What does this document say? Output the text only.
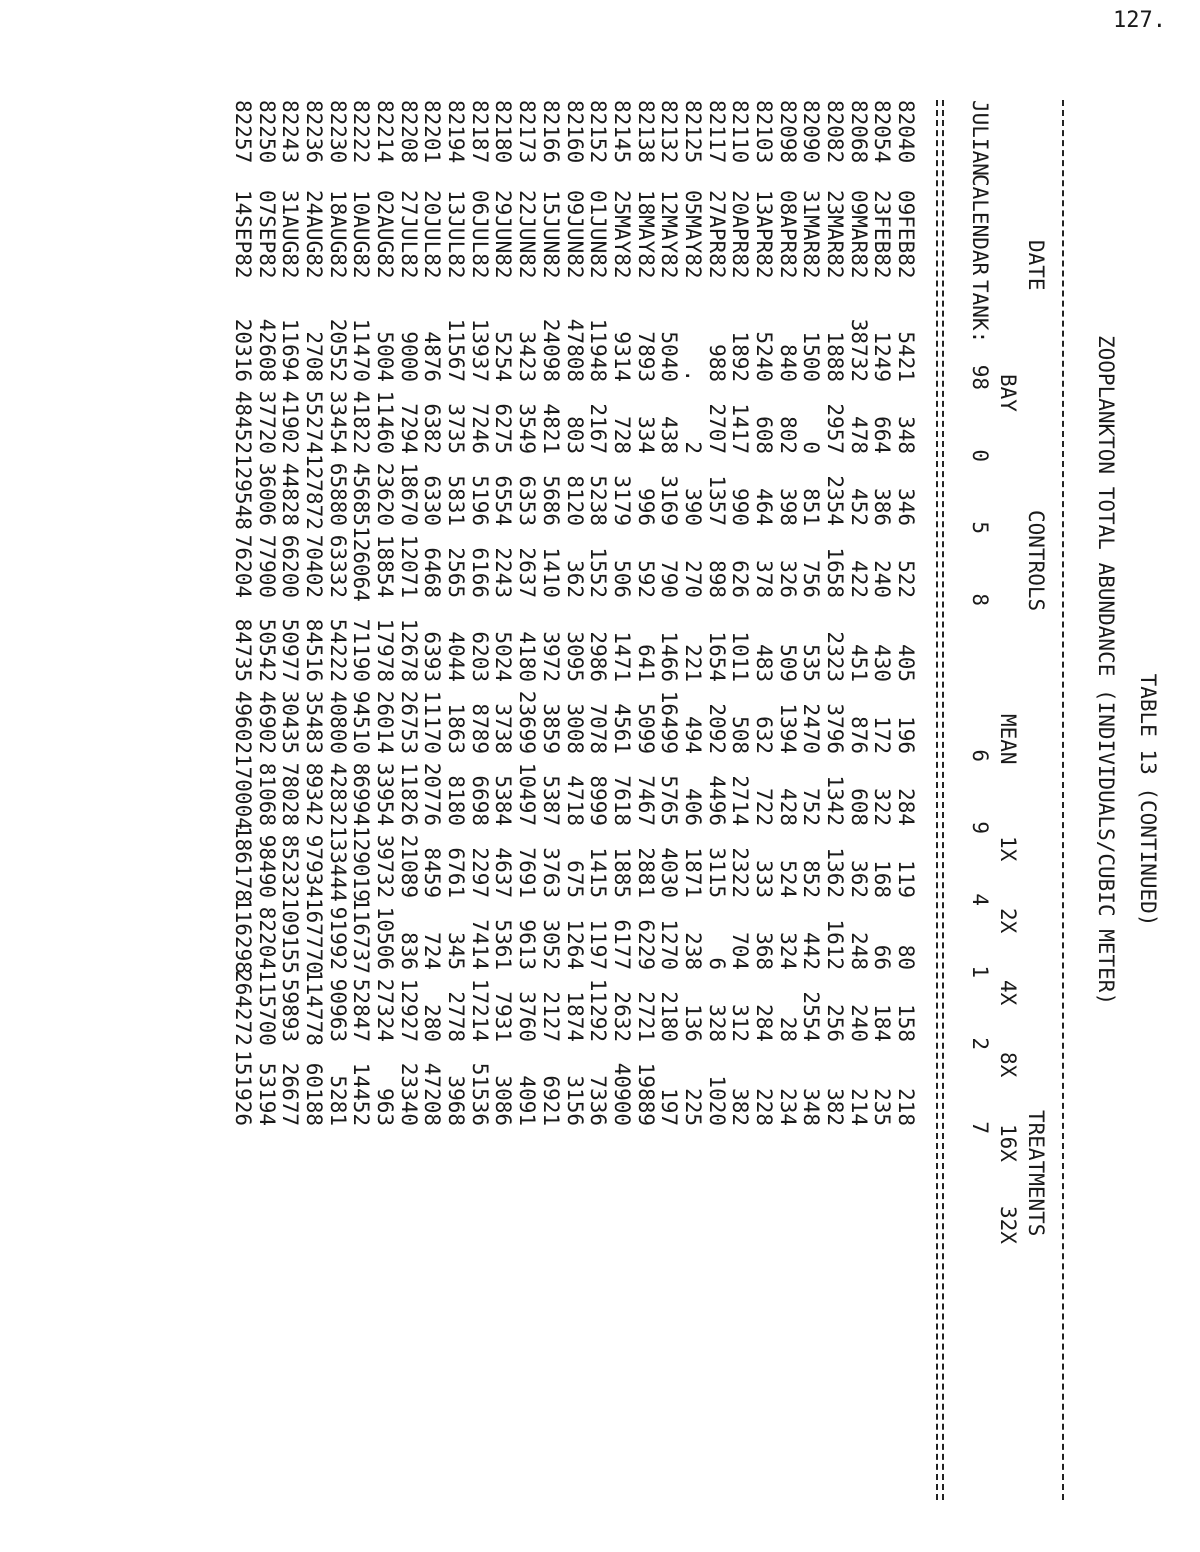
127.
TABLE 13 (CONTINUED)
ZOOPLANKTON TOTAL ABUNDANCE (INDIVIDUALS/CUBIC METER)
DATE
CONTROLS
TREATMENTS
BAY
MEAN
1X
2X
4X
8X
16X
32X
JULIAN
CALENDAR
TANK:
98
0
5
8
6
9
4
1
2
7
82040
09FEB82
5421
348
346
522
405
196
284
119
80
158
218
82054
23FEB82
1249
664
386
240
430
172
322
168
66
184
235
82068
09MAR82
38732
478
452
422
451
876
608
362
248
240
214
82082
23MAR82
1888
2957
2354
1658
2323
3796
1342
1362
1612
256
382
82090
31MAR82
1500
0
851
756
535
2470
752
852
442
2554
348
82098
08APR82
840
802
398
326
509
1394
428
524
324
28
234
82103
13APR82
5240
608
464
378
483
632
722
333
368
284
228
82110
20APR82
1892
1417
990
626
1011
508
2714
2322
704
312
382
82117
27APR82
988
2707
1357
898
1654
2092
4496
3115
6
328
1020
82125
05MAY82
.
2
390
270
221
494
406
1871
238
136
225
82132
12MAY82
5040
438
3169
790
1466
16499
5765
4030
1270
2180
197
82138
18MAY82
7893
334
996
592
641
5099
7467
2881
6229
2721
19889
82145
25MAY82
9314
728
3179
506
1471
4561
7618
1885
6177
2632
40900
82152
01JUN82
11948
2167
5238
1552
2986
7078
8999
1415
1197
11292
7336
82160
09JUN82
47808
803
8120
362
3095
3008
4718
675
1264
1874
3156
82166
15JUN82
24098
4821
5686
1410
3972
3859
5387
3763
3052
2127
6921
82173
22JUN82
3423
3549
6353
2637
4180
23699
10497
7691
9613
3760
4091
82180
29JUN82
5254
6275
6554
2243
5024
3738
5384
4637
5361
7931
3086
82187
06JUL82
13937
7246
5196
6166
6203
8789
6698
2297
7414
17214
51536
82194
13JUL82
11567
3735
5831
2565
4044
1863
8180
6761
345
2778
3968
82201
20JUL82
4876
6382
6330
6468
6393
11170
20776
8459
724
280
47208
82208
27JUL82
9000
7294
18670
12071
12678
26753
11826
21089
836
12927
23340
82214
02AUG82
5004
11460
23620
18854
17978
26014
33954
39732
10506
27324
963
82222
10AUG82
11470
41822
45685
126064
71190
94510
86994
129019
116737
52847
14452
82230
18AUG82
20552
33454
65880
63332
54222
40800
42832
133444
91992
90963
5281
82236
24AUG82
2708
55274
127872
70402
84516
35483
89342
97934
167770
114778
60188
82243
31AUG82
11694
41902
44828
66200
50977
30435
78028
85232
109155
59893
26677
82250
07SEP82
42608
37720
36006
77900
50542
46902
81068
98490
82204
115700
53194
82257
14SEP82
20316
48452
129548
76204
84735
49602
170004
186178
116298
264272
151926
